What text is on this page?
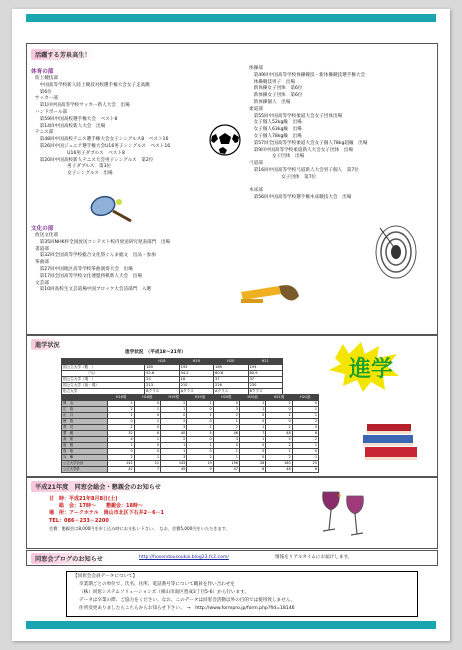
活躍する芳泉高生！
体育の部
陸上競技部
　中国高等学校新人陸上競技対校選手権大会女子走高跳
　第6位
サッカー部
　第1回中国高等学校サッカー新人大会　出場
ハンドボール部
　第59回中国高校選手権大会　ベスト8
　第14回中国高校新人大会　出場
テニス部
　第48回中国高校テニス選手権大会女子シングルス8　ベスト16
　第26回中国ジュニア選手権大会U16男子シングルス　ベスト16
　　　　　　　U16男子ダブルス　ベスト8
　第20回中国高校新人テニス大会男子シングルス　第2位
　　　　　　　男子ダブルス　第3位
　　　　　　　女子シングルス　出場
文化の部
放送文化部
　第35回NHK杯全国放送コンテスト校内放送研究発表部門　出場
書道部
　第32回全国高等学校総合文化祭ぐんま総文　出品・参加
筝曲部
　第27回中国地区高等学校筝曲演奏大会　出場
　第17回全国高等学校文化連盟将棋新人大会　出場
文芸部
　第10回高校生文芸道場中国ブロック大会詩部門　入選
体操部
　第49回中国高等学校体操競技・新体操競技選手権大会
　体操競技男子　出場
　新体操女子団体　第6位
　新体操女子団体　第6位
　新体操個人　出場
柔道部
　第55回中国高等学校柔道大会女子団体出場
　女子個人52kg級　出場
　女子個人63kg級　出場
　女子個人78kg級　出場
　第57回全国高等学校柔道大会女子個人78kg超級　出場
　第9回中国高等学校柔道新人大会女子団体　出場
　　　　　女子団体　出場
弓道部
　第16回中国高等学校弓道新人大会男子個人　第7位
　　　　　　　女子団体　第7位
木床部
　第56回中国高等学校選手権木床競技大会　出場
進学状況
進学状況　（平成18～21年）
	H18	H19	H20	H21
国公立大学（数　）	185	192	189	193
　　　　　　　（％）	52.6	54.2	60.8	60.9
国公立大学（現　）	23	18	37	37
国公立大学（浪・現）	213	210	226	230
私立大学	Bクラス	Aクラス	Aクラス	Bクラス
	H18現	H18浪	H19現	H19浪	H20現	H20浪	H21現	H21浪
岡　山	1	0	2	1	0	1	2	0
広　島	2	1	1	0	3	1	0	1
山　口	1	0	0	1	2	0	1	1
徳　島	0	1	2	0	1	0	0	2
香　川	2	0	3	1	2	1	2	0
愛　媛	32	6	40	5	46	7	48	6
高　知	4	1	2	0	3	1	5	2
島　根	1	0	1	1	0	0	2	1
鳥　取	0	0	1	0	1	0	1	0
兵　庫	2	1	3	2	1	0	2	1
公立大学合計	142	21	143	19	156	28	160	25
公立大学計	42	7	45	9	47	8	48	8
進学
平成21年度　同窓会総会・懇親会のお知らせ
日　時：平成21年8月8日(土)
　　総　会：17時～　　懇親会：18時～
場　所：アークホテル　岡山市北区下石井2－6－1
TEL：086－233－2200
会費：懇親会は8,000円を申し込み時にお支払い下さい。　なお、会費5,000円をいただきます。
✦
同窓会ブログのお知らせ	http://hosendousoukai.blog23.fc2.com/	情報をリアルタイムにお届けします。
【同窓会会員データについて】
卒業期ごとの単位で、氏名、住所、電話番号等について職員を作い合わせを
（株）同窓システムソリューションズ（岡山市南区豊成3丁目5-6）から行います。
データは卒業の際、ご協力をください。なお、このデータは同窓会活動以外の目的では使用致しません。
住所変更ありましたらこちらからお知らせ下さい。　→　http://www.formpro.jp/form.php?fid=18146
